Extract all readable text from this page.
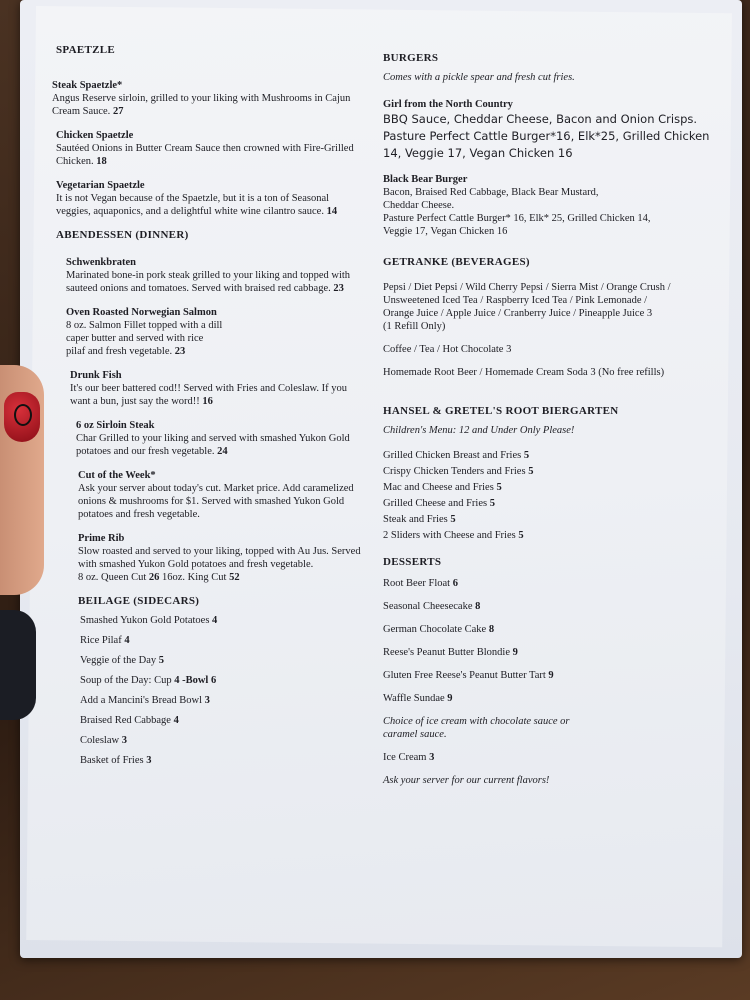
SPAETZLE
Steak Spaetzle*
Angus Reserve sirloin, grilled to your liking with Mushrooms in Cajun Cream Sauce. 27
Chicken Spaetzle
Sautéed Onions in Butter Cream Sauce then crowned with Fire-Grilled Chicken. 18
Vegetarian Spaetzle
It is not Vegan because of the Spaetzle, but it is a ton of Seasonal veggies, aquaponics, and a delightful white wine cilantro sauce. 14
ABENDESSEN (DINNER)
Schwenkbraten
Marinated bone-in pork steak grilled to your liking and topped with sauteed onions and tomatoes. Served with braised red cabbage. 23
Oven Roasted Norwegian Salmon
8 oz. Salmon Fillet topped with a dill
caper butter and served with rice
pilaf and fresh vegetable. 23
Drunk Fish
It's our beer battered cod!! Served with Fries and Coleslaw. If you want a bun, just say the word!! 16
6 oz Sirloin Steak
Char Grilled to your liking and served with smashed Yukon Gold potatoes and our fresh vegetable. 24
Cut of the Week*
Ask your server about today's cut. Market price. Add caramelized onions & mushrooms for $1. Served with smashed Yukon Gold potatoes and fresh vegetable.
Prime Rib
Slow roasted and served to your liking, topped with Au Jus. Served with smashed Yukon Gold potatoes and fresh vegetable.
8 oz. Queen Cut 26 16oz. King Cut 52
BEILAGE (SIDECARS)
Smashed Yukon Gold Potatoes 4
Rice Pilaf 4
Veggie of the Day 5
Soup of the Day: Cup 4 -Bowl 6
Add a Mancini's Bread Bowl 3
Braised Red Cabbage 4
Coleslaw 3
Basket of Fries 3
BURGERS
Comes with a pickle spear and fresh cut fries.
Girl from the North Country
BBQ Sauce, Cheddar Cheese, Bacon and Onion Crisps.
Pasture Perfect Cattle Burger*16, Elk*25, Grilled Chicken
14, Veggie 17, Vegan Chicken 16
Black Bear Burger
Bacon, Braised Red Cabbage, Black Bear Mustard,
Cheddar Cheese.
Pasture Perfect Cattle Burger* 16, Elk* 25, Grilled Chicken 14,
Veggie 17, Vegan Chicken 16
GETRANKE (BEVERAGES)
Pepsi / Diet Pepsi / Wild Cherry Pepsi / Sierra Mist / Orange Crush /
Unsweetened Iced Tea / Raspberry Iced Tea / Pink Lemonade /
Orange Juice / Apple Juice / Cranberry Juice / Pineapple Juice 3
(1 Refill Only)
Coffee / Tea / Hot Chocolate 3
Homemade Root Beer / Homemade Cream Soda 3 (No free refills)
HANSEL & GRETEL'S ROOT BIERGARTEN
Children's Menu: 12 and Under Only Please!
Grilled Chicken Breast and Fries 5
Crispy Chicken Tenders and Fries 5
Mac and Cheese and Fries 5
Grilled Cheese and Fries 5
Steak and Fries 5
2 Sliders with Cheese and Fries 5
DESSERTS
Root Beer Float 6
Seasonal Cheesecake 8
German Chocolate Cake 8
Reese's Peanut Butter Blondie 9
Gluten Free Reese's Peanut Butter Tart 9
Waffle Sundae 9
Choice of ice cream with chocolate sauce or caramel sauce.
Ice Cream 3
Ask your server for our current flavors!
